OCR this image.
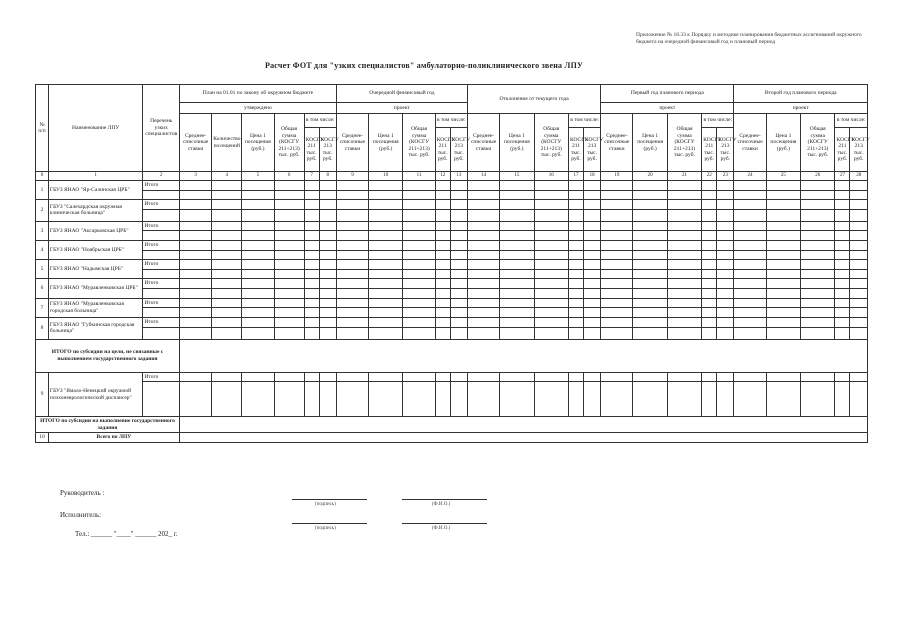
Приложение № 18.33 к Порядку и методике планирования бюджетных ассигнований окружного бюджета на очередной финансовый год и плановый период
Расчет ФОТ для "узких специалистов" амбулаторно-поликлинического звена ЛПУ
№ п/п	Наименование ЛПУ	Перечень узких специалистов	План на 01.01 по закону об окружном бюджете						Очередной финансовый год					Отклонение от текущего года					Первый год планового периода					Второй год планового периода				
			утверждено						проект										проект					проект				
			Среднее-списочные ставки	Количество посещений	Цена 1 посещения (руб.)	Общая сумма (КОСГУ 211+213) тыс. руб.	в том числе:		Среднее-списочные ставки	Цена 1 посещения (руб.)	Общая сумма (КОСГУ 211+213) тыс. руб.	в том числе:		Среднее-списочные ставки	Цена 1 посещения (руб.)	Общая сумма (КОСГУ 211+213) тыс. руб.	в том числе:		Среднее-списочные ставки	Цена 1 посещения (руб.)	Общая сумма (КОСГУ 211+213) тыс. руб.	в том числе:		Среднее-списочные ставки	Цена 1 посещения (руб.)	Общая сумма (КОСГУ 211+213) тыс. руб.	в том числе:	
							КОСГУ 211 тыс. руб.	КОСГУ 213 тыс. руб.				КОСГУ 211 тыс. руб.	КОСГУ 213 тыс. руб.				КОСГУ 211 тыс. руб.	КОСГУ 213 тыс. руб.				КОСГУ 211 тыс. руб.	КОСГУ 213 тыс. руб.				КОСГУ 211 тыс. руб.	КОСГУ 213 тыс. руб.
0	1	2	3	4	5	6	7	8	9	10	11	12	13	14	15	16	17	18	19	20	21	22	23	24	25	26	27	28
1	ГБУЗ ЯНАО "Яр-Салинская ЦРБ"	Итого																										

2	ГБУЗ "Салехардская окружная клиническая больница"	Итого																										

3	ГБУЗ ЯНАО "Аксарковская ЦРБ"	Итого																										

4	ГБУЗ ЯНАО "Ноябрьская ЦРБ"	Итого																										

5	ГБУЗ ЯНАО "Надымская ЦРБ"	Итого																										

6	ГБУЗ ЯНАО "Муравленковская ЦРБ"	Итого																										

7	ГБУЗ ЯНАО "Муравленковская городская больница"	Итого																										

8	ГБУЗ ЯНАО "Губкинская городская больница"	Итого																										

ИТОГО по субсидии на цели, не связанные с выполнением государственного задания																												
9	ГБУЗ "Ямало-Ненецкий окружной психоневрологический диспансер"	Итого																										

ИТОГО по субсидии на выполнение государственного задания																												
10	Всего по ЛПУ																											
Руководитель :
(подпись)	(Ф.И.О.)
Исполнитель:
(подпись)	(Ф.И.О.)
Тел.: ______ "____" ______ 202_ г.
